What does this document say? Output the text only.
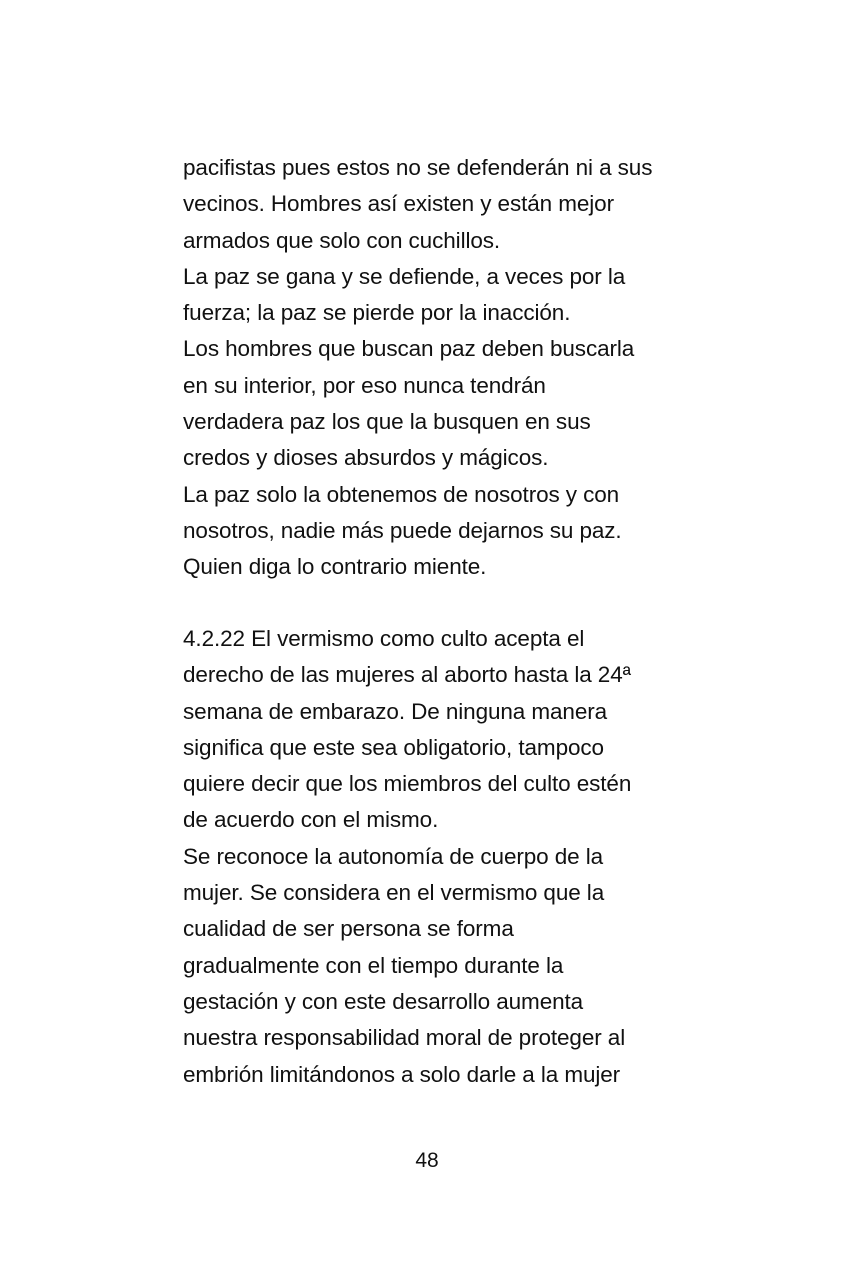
pacifistas pues estos no se defenderán ni a sus
vecinos. Hombres así existen y están mejor
armados que solo con cuchillos.
La paz se gana y se defiende, a veces por la
fuerza; la paz se pierde por la inacción.
Los hombres que buscan paz deben buscarla
en su interior, por eso nunca tendrán
verdadera paz los que la busquen en sus
credos y dioses absurdos y mágicos.
La paz solo la obtenemos de nosotros y con
nosotros, nadie más puede dejarnos su paz.
Quien diga lo contrario miente.
4.2.22 El vermismo como culto acepta el
derecho de las mujeres al aborto hasta la 24ª
semana de embarazo. De ninguna manera
significa que este sea obligatorio, tampoco
quiere decir que los miembros del culto estén
de acuerdo con el mismo.
Se reconoce la autonomía de cuerpo de la
mujer. Se considera en el vermismo que la
cualidad de ser persona se forma
gradualmente con el tiempo durante la
gestación y con este desarrollo aumenta
nuestra responsabilidad moral de proteger al
embrión limitándonos a solo darle a la mujer
48
